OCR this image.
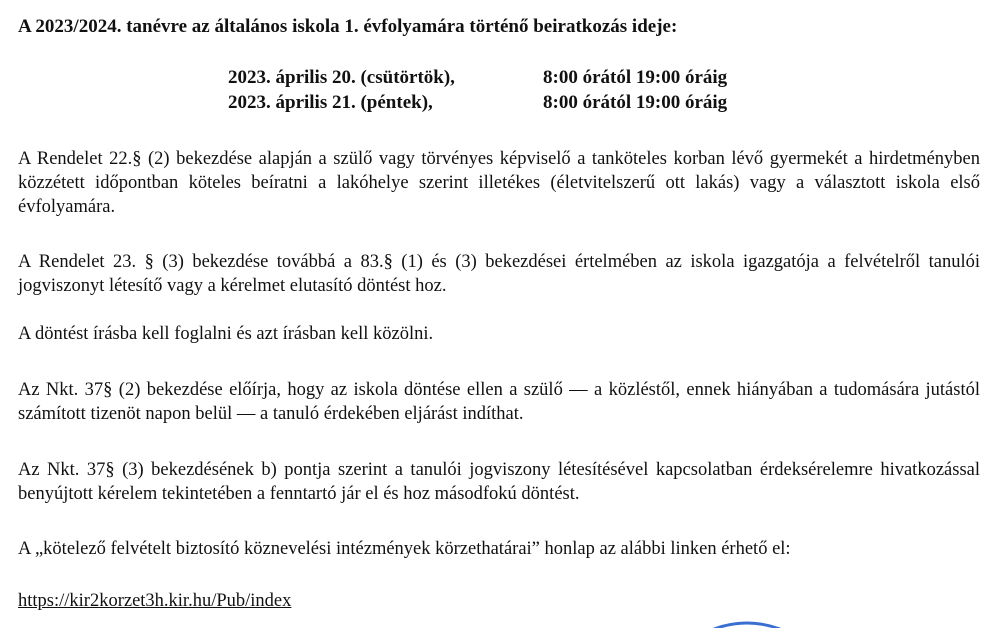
A 2023/2024. tanévre az általános iskola 1. évfolyamára történő beiratkozás ideje:
2023. április 20. (csütörtök),	8:00 órától 19:00 óráig
2023. április 21. (péntek),	8:00 órától 19:00 óráig

A Rendelet 22.§ (2) bekezdése alapján a szülő vagy törvényes képviselő a tanköteles korban lévő gyermekét a hirdetményben közzétett időpontban köteles beíratni a lakóhelye szerint illetékes (életvitelszerű ott lakás) vagy a választott iskola első évfolyamára.

A Rendelet 23. § (3) bekezdése továbbá a 83.§ (1) és (3) bekezdései értelmében az iskola igazgatója a felvételről tanulói jogviszonyt létesítő vagy a kérelmet elutasító döntést hoz.

A döntést írásba kell foglalni és azt írásban kell közölni.

Az Nkt. 37§ (2) bekezdése előírja, hogy az iskola döntése ellen a szülő — a közléstől, ennek hiányában a tudomására jutástól számított tizenöt napon belül — a tanuló érdekében eljárást indíthat.

Az Nkt. 37§ (3) bekezdésének b) pontja szerint a tanulói jogviszony létesítésével kapcsolatban érdeksérelemre hivatkozással benyújtott kérelem tekintetében a fenntartó jár el és hoz másodfokú döntést.

A „kötelező felvételt biztosító köznevelési intézmények körzethatárai” honlap az alábbi linken érhető el:

https://kir2korzet3h.kir.hu/Pub/index
